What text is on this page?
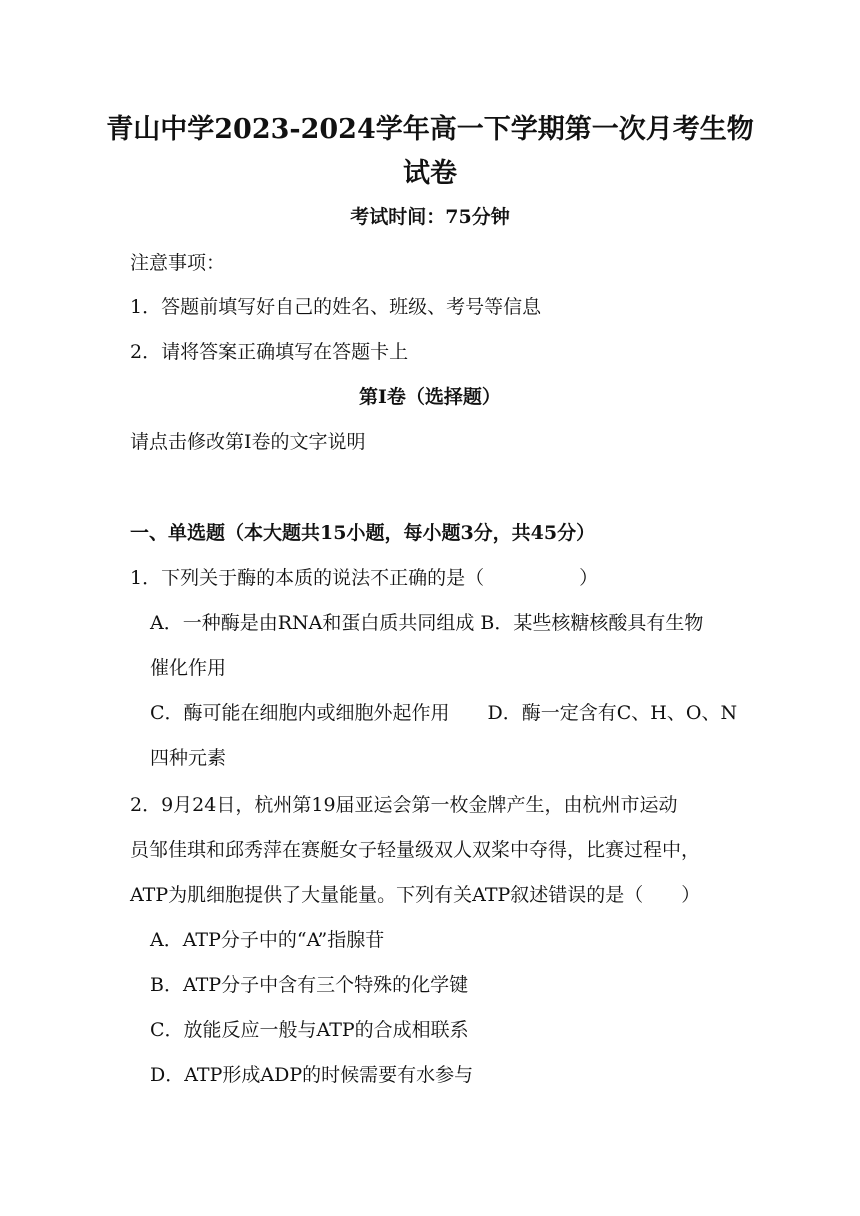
青山中学2023-2024学年高一下学期第一次月考生物
试卷
考试时间：75分钟
注意事项：
1．答题前填写好自己的姓名、班级、考号等信息
2．请将答案正确填写在答题卡上
第I卷（选择题）
请点击修改第I卷的文字说明
一、单选题（本大题共15小题，每小题3分，共45分）
1．下列关于酶的本质的说法不正确的是（　　　　　）
A．一种酶是由RNA和蛋白质共同组成 B．某些核糖核酸具有生物
催化作用
C．酶可能在细胞内或细胞外起作用　　D．酶一定含有C、H、O、N
四种元素
2．9月24日，杭州第19届亚运会第一枚金牌产生，由杭州市运动
员邹佳琪和邱秀萍在赛艇女子轻量级双人双桨中夺得，比赛过程中，
ATP为肌细胞提供了大量能量。下列有关ATP叙述错误的是（　　）
A．ATP分子中的“A”指腺苷
B．ATP分子中含有三个特殊的化学键
C．放能反应一般与ATP的合成相联系
D．ATP形成ADP的时候需要有水参与
